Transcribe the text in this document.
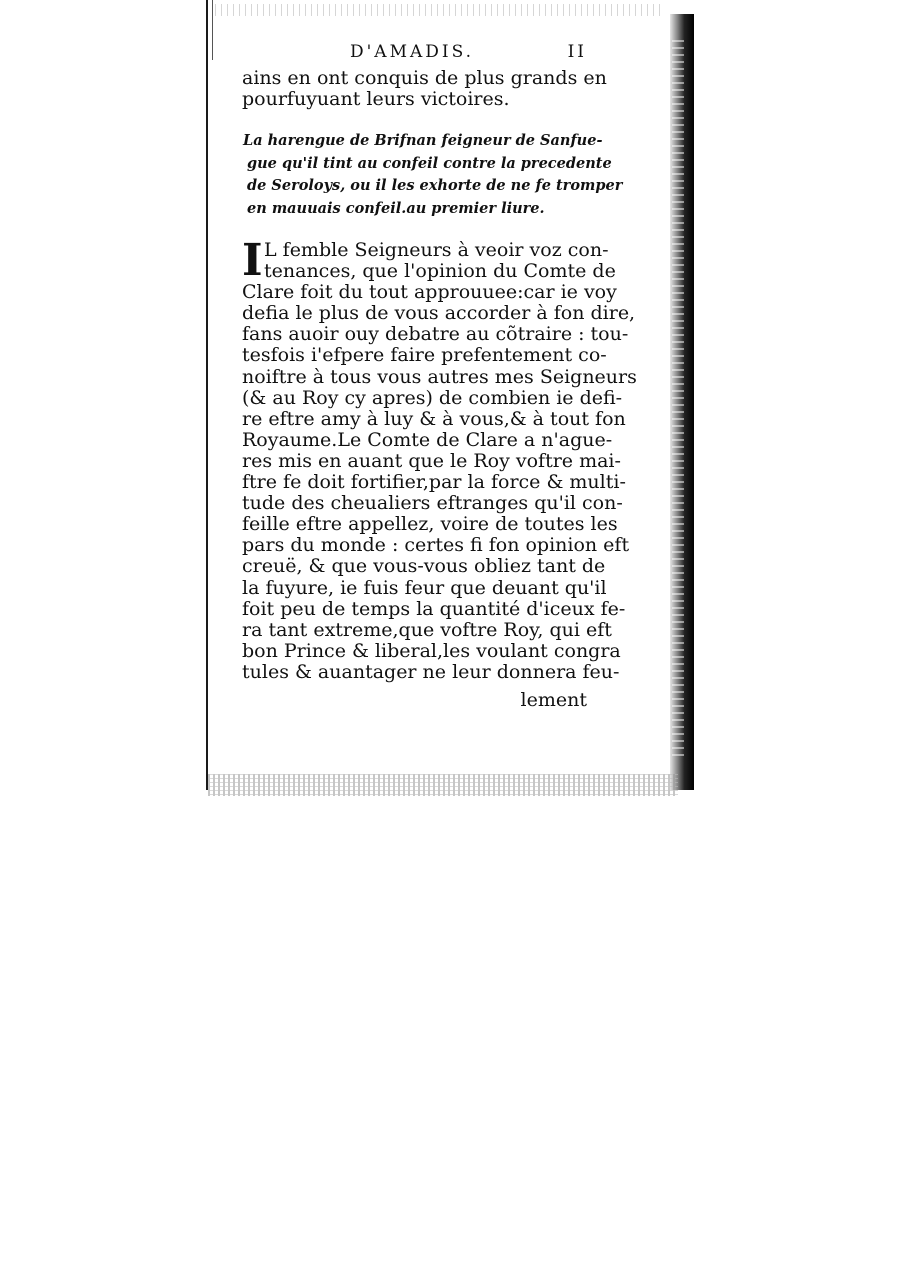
D'AMADIS.	II
ains en ont conquis de plus grands en
pourfuyuant leurs victoires.
La harengue de Brifnan feigneur de Sanfue-
gue qu'il tint au confeil contre la precedente
de Seroloys, ou il les exhorte de ne fe tromper
en mauuais confeil.au premier liure.
I L femble Seigneurs à veoir voz con-
tenances, que l'opinion du Comte de
Clare foit du tout approuuee:car ie voy
defia le plus de vous accorder à fon dire,
fans auoir ouy debatre au cõtraire : tou-
tesfois i'efpere faire prefentement co-
noiftre à tous vous autres mes Seigneurs
(& au Roy cy apres) de combien ie defi-
re eftre amy à luy & à vous,& à tout fon
Royaume.Le Comte de Clare a n'ague-
res mis en auant que le Roy voftre mai-
ftre fe doit fortifier,par la force & multi-
tude des cheualiers eftranges qu'il con-
feille eftre appellez, voire de toutes les
pars du monde : certes fi fon opinion eft
creuë, & que vous-vous obliez tant de
la fuyure, ie fuis feur que deuant qu'il
foit peu de temps la quantité d'iceux fe-
ra tant extreme,que voftre Roy, qui eft
bon Prince & liberal,les voulant congra
tules & auantager ne leur donnera feu-
lement
